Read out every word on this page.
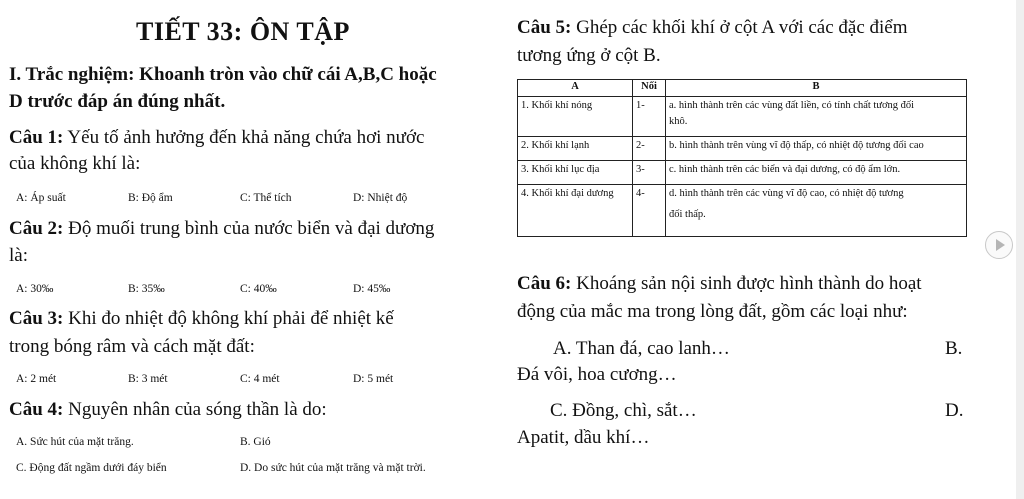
TIẾT 33: ÔN TẬP
I. Trắc nghiệm: Khoanh tròn vào chữ cái A,B,C hoặc
D trước đáp án đúng nhất.
Câu 1: Yếu tố ảnh hưởng đến khả năng chứa hơi nước
của không khí là:
A: Áp suất	B: Độ ẩm	C: Thể tích	D: Nhiệt độ
Câu 2: Độ muối trung bình của nước biển và đại dương
là:
A: 30‰	B: 35‰	C: 40‰	D: 45‰
Câu 3: Khi đo nhiệt độ không khí phải để nhiệt kế
trong bóng râm và cách mặt đất:
A: 2 mét	B: 3 mét	C: 4 mét	D: 5 mét
Câu 4: Nguyên nhân của sóng thần là do:
A. Sức hút của mặt trăng.	B. Gió
C. Động đất ngầm dưới đáy biển	D. Do sức hút của mặt trăng và mặt trời.
Câu 5: Ghép các khối khí ở cột A với các đặc điểm
tương ứng ở cột B.
A	Nối	B
1. Khối khí nóng	1-	a. hình thành trên các vùng đất liền, có tính chất tương đối
khô.

2. Khối khí lạnh	2-	b. hình thành trên vùng vĩ độ thấp, có nhiệt độ tương đối cao
3. Khối khí lục địa	3-	c. hình thành trên các biển và đại dương, có độ ẩm lớn.
4. Khối khí đại dương	4-	d. hình thành trên các vùng vĩ độ cao, có nhiệt độ tương
đối thấp.
Câu 6: Khoáng sản nội sinh được hình thành do hoạt
động của mắc ma trong lòng đất, gồm các loại như:
A. Than đá, cao lanh…	B.
Đá vôi, hoa cương…
C. Đồng, chì, sắt…	D.
Apatit, dầu khí…
